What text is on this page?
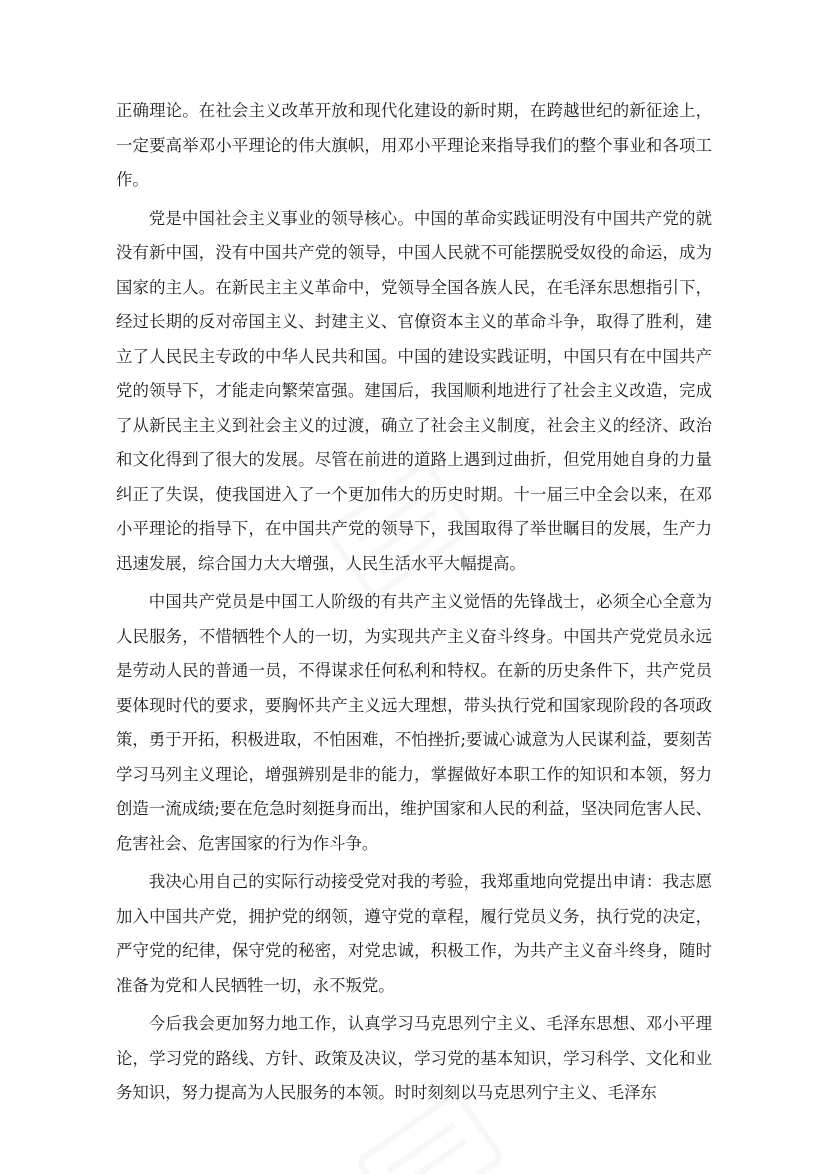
正确理论。在社会主义改革开放和现代化建设的新时期，在跨越世纪的新征途上，一定要高举邓小平理论的伟大旗帜，用邓小平理论来指导我们的整个事业和各项工作。

党是中国社会主义事业的领导核心。中国的革命实践证明没有中国共产党的就没有新中国，没有中国共产党的领导，中国人民就不可能摆脱受奴役的命运，成为国家的主人。在新民主主义革命中，党领导全国各族人民，在毛泽东思想指引下，经过长期的反对帝国主义、封建主义、官僚资本主义的革命斗争，取得了胜利，建立了人民民主专政的中华人民共和国。中国的建设实践证明，中国只有在中国共产党的领导下，才能走向繁荣富强。建国后，我国顺利地进行了社会主义改造，完成了从新民主主义到社会主义的过渡，确立了社会主义制度，社会主义的经济、政治和文化得到了很大的发展。尽管在前进的道路上遇到过曲折，但党用她自身的力量纠正了失误，使我国进入了一个更加伟大的历史时期。十一届三中全会以来，在邓小平理论的指导下，在中国共产党的领导下，我国取得了举世瞩目的发展，生产力迅速发展，综合国力大大增强，人民生活水平大幅提高。

中国共产党员是中国工人阶级的有共产主义觉悟的先锋战士，必须全心全意为人民服务，不惜牺牲个人的一切，为实现共产主义奋斗终身。中国共产党党员永远是劳动人民的普通一员，不得谋求任何私利和特权。在新的历史条件下，共产党员要体现时代的要求，要胸怀共产主义远大理想，带头执行党和国家现阶段的各项政策，勇于开拓，积极进取，不怕困难，不怕挫折;要诚心诚意为人民谋利益，要刻苦学习马列主义理论，增强辨别是非的能力，掌握做好本职工作的知识和本领，努力创造一流成绩;要在危急时刻挺身而出，维护国家和人民的利益，坚决同危害人民、危害社会、危害国家的行为作斗争。

我决心用自己的实际行动接受党对我的考验，我郑重地向党提出申请：我志愿加入中国共产党，拥护党的纲领，遵守党的章程，履行党员义务，执行党的决定，严守党的纪律，保守党的秘密，对党忠诚，积极工作，为共产主义奋斗终身，随时准备为党和人民牺牲一切，永不叛党。

今后我会更加努力地工作，认真学习马克思列宁主义、毛泽东思想、邓小平理论，学习党的路线、方针、政策及决议，学习党的基本知识，学习科学、文化和业务知识，努力提高为人民服务的本领。时时刻刻以马克思列宁主义、毛泽东
